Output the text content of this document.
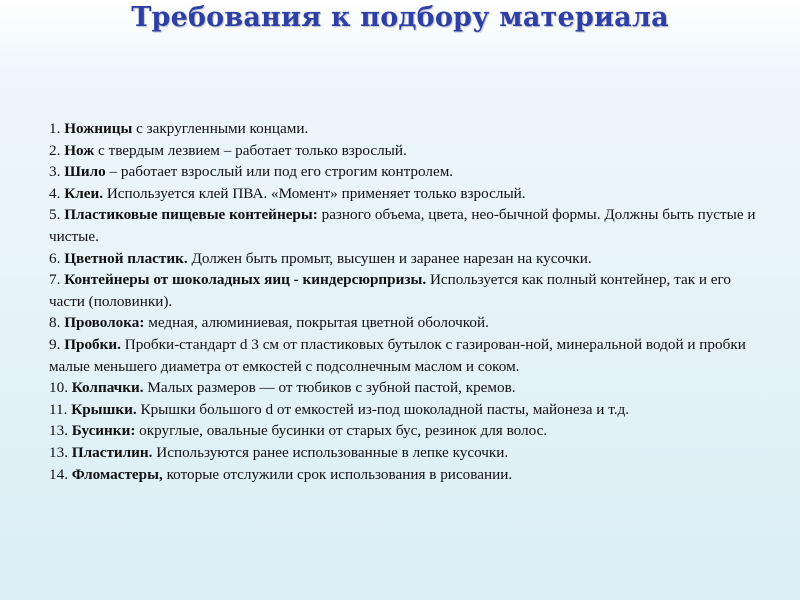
Требования к подбору материала

1. Ножницы с закругленными концами.

2. Нож с твердым лезвием – работает только взрослый.

3. Шило – работает взрослый или под его строгим контролем.

4. Клеи. Используется клей ПВА. «Момент» применяет только взрослый.

5. Пластиковые пищевые контейнеры: разного объема, цвета, нео-бычной формы. Должны быть пустые и чистые.

6. Цветной пластик. Должен быть промыт, высушен и заранее нарезан на кусочки.

7. Контейнеры от шоколадных яиц - киндерсюрпризы. Используется как полный контейнер, так и его части (половинки).

8. Проволока: медная, алюминиевая, покрытая цветной оболочкой.

9. Пробки. Пробки-стандарт d 3 см от пластиковых бутылок с газирован-ной, минеральной водой и пробки малые меньшего диаметра от емкостей с подсолнечным маслом и соком.

10. Колпачки. Малых размеров — от тюбиков с зубной пастой, кремов.

11. Крышки. Крышки большого d от емкостей из-под шоколадной пасты, майонеза и т.д.

13. Бусинки: округлые, овальные бусинки от старых бус, резинок для волос.

13. Пластилин. Используются ранее использованные в лепке кусочки.

14. Фломастеры, которые отслужили срок использования в рисовании.
